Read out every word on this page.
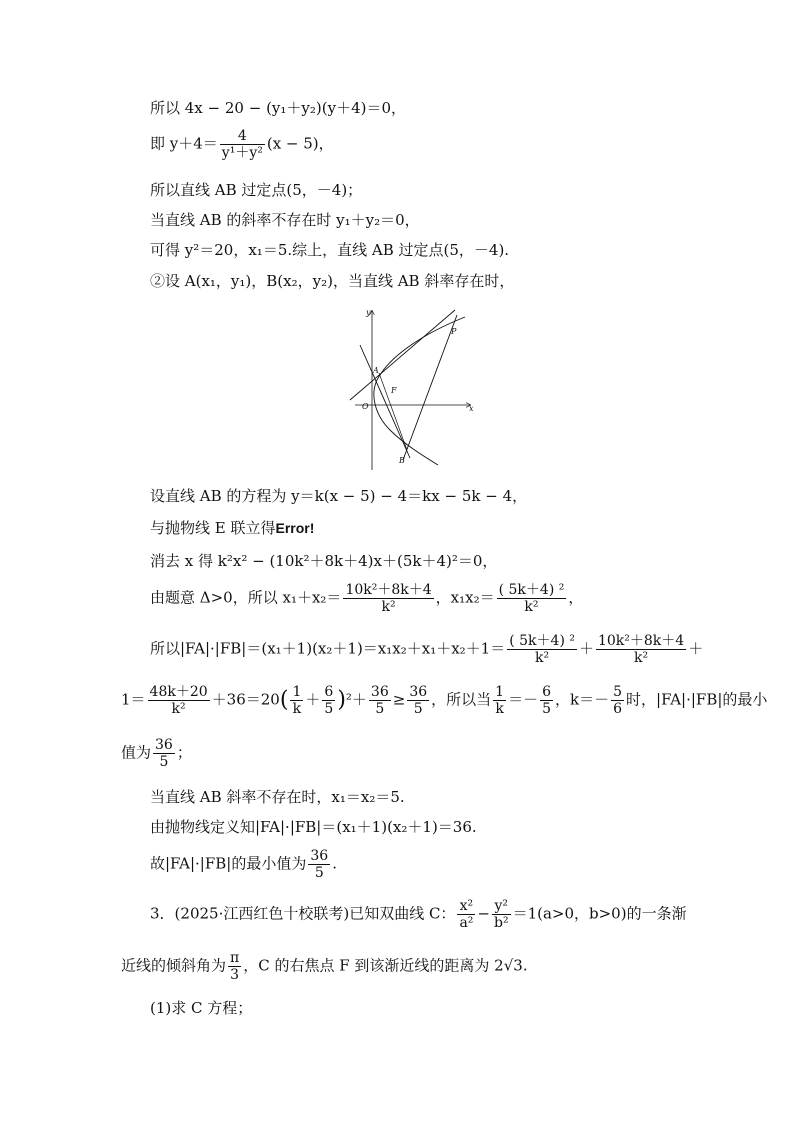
所以 4x − 20 − (y₁＋y₂)(y＋4)＝0，
即 $y+4= \frac{4}{\text{y¹＋y²}} (x - 5)$，
所以直线 AB 过定点(5，－4)；
当直线 AB 的斜率不存在时 y₁＋y₂＝0，
可得 y²＝20，x₁＝5.综上，直线 AB 过定点(5，－4).
②设 A(x₁，y₁)，B(x₂，y₂)，当直线 AB 斜率存在时，
y
x
O
A
F
P
B
设直线 AB 的方程为 y＝k(x − 5) − 4＝kx − 5k − 4，
与抛物线 E 联立得Error!
消去 x 得 k²x² − (10k²＋8k＋4)x＋(5k＋4)²＝0，
由题意 Δ>0，所以 $x_1+x_2= \frac{\text{10k²＋8k＋4}}{\text{k²}}$ ，$x_1x_2= \frac{\text{( 5k＋4) ²}}{\text{k²}}$ ，
所以$|FA|\cdot|FB|=(x_1+1)(x_2+1)=x_1x_2+x_1+x_2+1= \frac{\text{( 5k＋4) ²}}{\text{k²}} + \frac{\text{10k²＋8k＋4}}{\text{k²}}$ ＋
$1= \frac{48k+20}{\text{k²}} +36=20( \frac{1}{k} + \frac{6}{5} )^2+ \frac{36}{5} \ge \frac{36}{5}$ ，所以当 $\frac{1}{k} =- \frac{6}{5}$ ，$k=- \frac{5}{6}$ 时，|FA|·|FB|的最小
值为 $\frac{36}{5}$ ；
当直线 AB 斜率不存在时，x₁＝x₂＝5.
由抛物线定义知|FA|·|FB|＝(x₁＋1)(x₂＋1)＝36.
故|FA|·|FB|的最小值为 $\frac{36}{5}$ .
3．(2025·江西红色十校联考)已知双曲线 C： $\frac{\text{x²}}{\text{a²}} - \frac{\text{y²}}{\text{b²}} =1(a>0$，b>0)的一条渐
近线的倾斜角为 $\frac{\pi}{3}$ ，C 的右焦点 F 到该渐近线的距离为 2√3.
(1)求 C 方程；
